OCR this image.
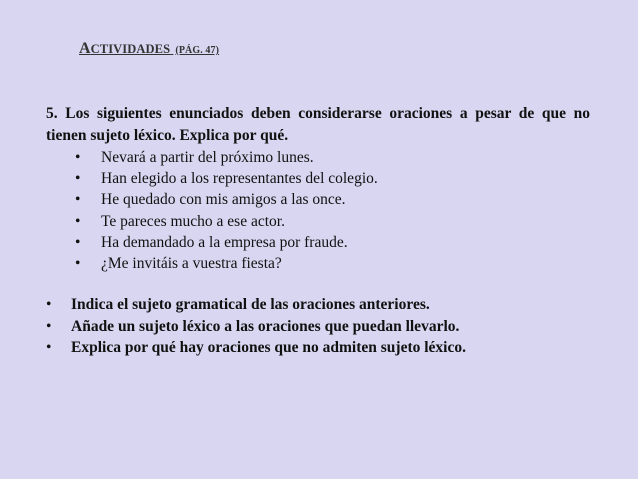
ACTIVIDADES (PÁG. 47)
5. Los siguientes enunciados deben considerarse oraciones a pesar de que no tienen sujeto léxico. Explica por qué.
• Nevará a partir del próximo lunes.
• Han elegido a los representantes del colegio.
• He quedado con mis amigos a las once.
• Te pareces mucho a ese actor.
• Ha demandado a la empresa por fraude.
• ¿Me invitáis a vuestra fiesta?
• Indica el sujeto gramatical de las oraciones anteriores.
• Añade un sujeto léxico a las oraciones que puedan llevarlo.
• Explica por qué hay oraciones que no admiten sujeto léxico.
